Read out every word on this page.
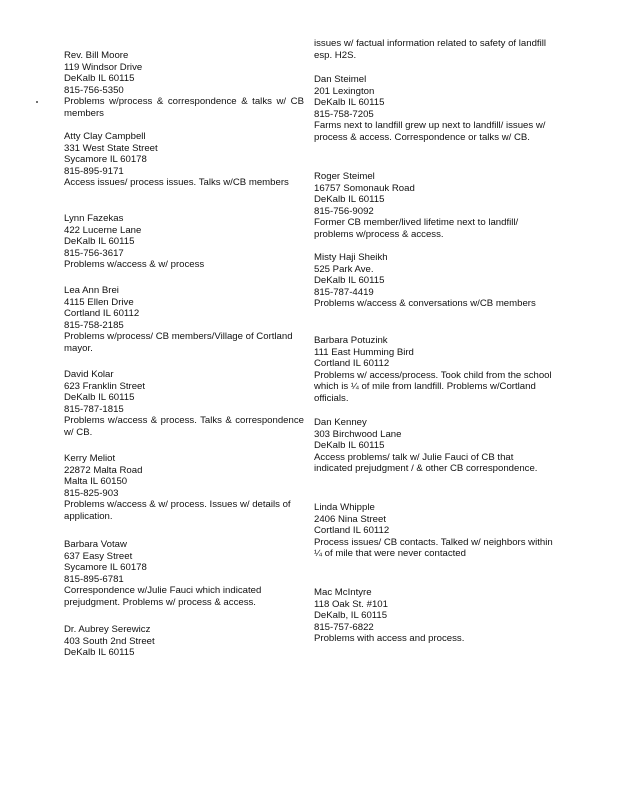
Rev. Bill Moore
119 Windsor Drive
DeKalb IL 60115
815-756-5350
Problems w/process & correspondence & talks w/ CB members
Atty Clay Campbell
331 West State Street
Sycamore IL 60178
815-895-9171
Access issues/ process issues. Talks w/CB members
Lynn Fazekas
422 Lucerne Lane
DeKalb IL 60115
815-756-3617
Problems w/access & w/ process
Lea Ann Brei
4115 Ellen Drive
Cortland IL 60112
815-758-2185
Problems w/process/ CB members/Village of Cortland mayor.
David Kolar
623 Franklin Street
DeKalb IL 60115
815-787-1815
Problems w/access & process. Talks & correspondence w/ CB.
Kerry Meliot
22872 Malta Road
Malta IL 60150
815-825-903
Problems w/access & w/ process. Issues w/ details of application.
Barbara Votaw
637 Easy Street
Sycamore IL 60178
815-895-6781
Correspondence w/Julie Fauci which indicated prejudgment. Problems w/ process & access.
Dr. Aubrey Serewicz
403 South 2nd Street
DeKalb IL 60115
issues w/ factual information related to safety of landfill esp. H2S.
Dan Steimel
201 Lexington
DeKalb IL 60115
815-758-7205
Farms next to landfill grew up next to landfill/ issues w/ process & access. Correspondence or talks w/ CB.
Roger Steimel
16757 Somonauk Road
DeKalb IL 60115
815-756-9092
Former CB member/lived lifetime next to landfill/ problems w/process & access.
Misty Haji Sheikh
525 Park Ave.
DeKalb IL 60115
815-787-4419
Problems w/access & conversations w/CB members
Barbara Potuzink
111 East Humming Bird
Cortland IL 60112
Problems w/ access/process. Took child from the school which is ¼ of mile from landfill. Problems w/Cortland officials.
Dan Kenney
303 Birchwood Lane
DeKalb IL 60115
Access problems/ talk w/ Julie Fauci of CB that indicated prejudgment / & other CB correspondence.
Linda Whipple
2406 Nina Street
Cortland IL 60112
Process issues/ CB contacts. Talked w/ neighbors within ¼ of mile that were never contacted
Mac McIntyre
118 Oak St. #101
DeKalb, IL 60115
815-757-6822
Problems with access and process.
